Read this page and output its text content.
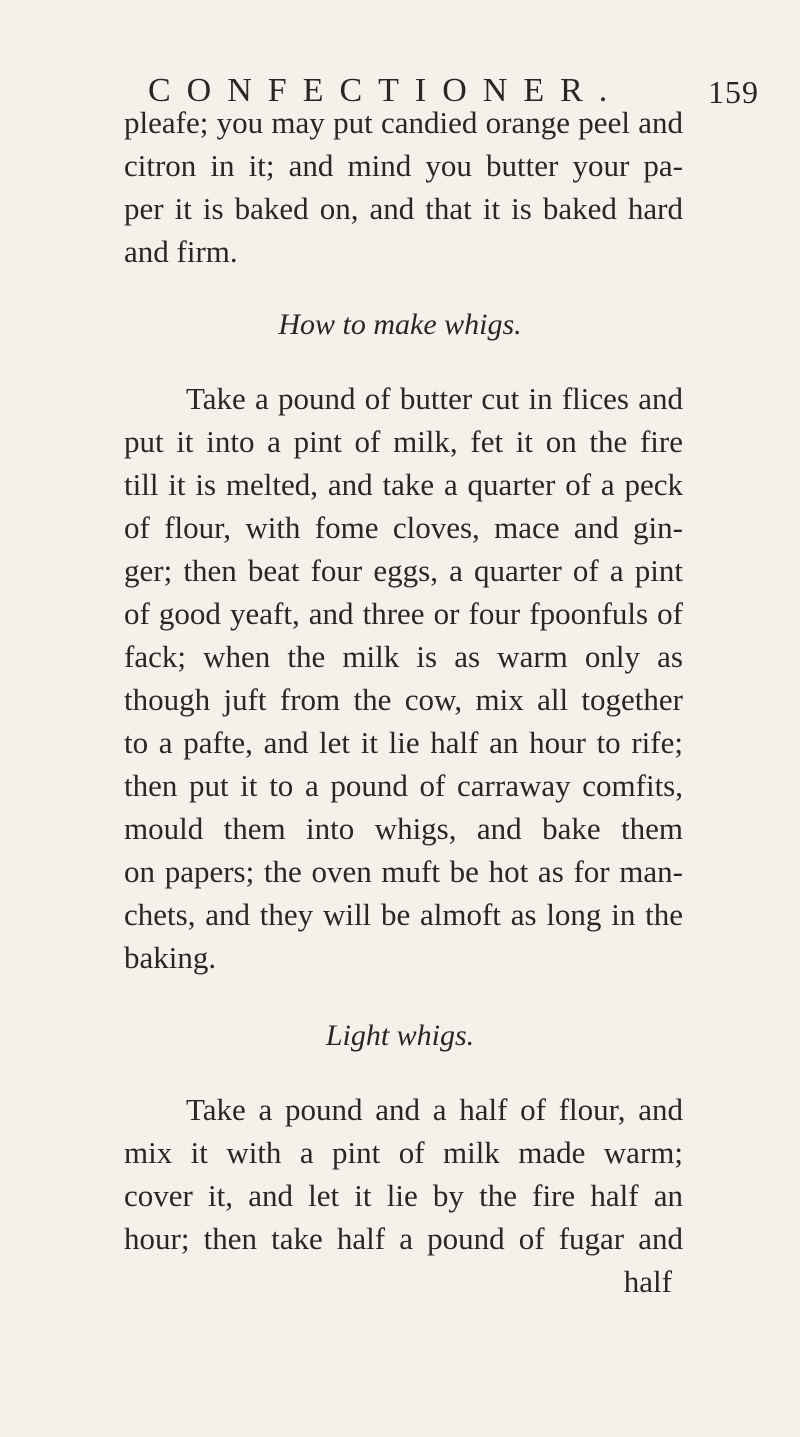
CONFECTIONER.	159
pleafe; you may put candied orange peel and
citron in it; and mind you butter your pa-
per it is baked on, and that it is baked hard
and firm.
How to make whigs.
Take a pound of butter cut in flices and
put it into a pint of milk, fet it on the fire
till it is melted, and take a quarter of a peck
of flour, with fome cloves, mace and gin-
ger; then beat four eggs, a quarter of a pint
of good yeaft, and three or four fpoonfuls of
fack; when the milk is as warm only as
though juft from the cow, mix all together
to a pafte, and let it lie half an hour to rife;
then put it to a pound of carraway comfits,
mould them into whigs, and bake them
on papers; the oven muft be hot as for man-
chets, and they will be almoft as long in the
baking.
Light whigs.
Take a pound and a half of flour, and
mix it with a pint of milk made warm;
cover it, and let it lie by the fire half an
hour; then take half a pound of fugar and
half
